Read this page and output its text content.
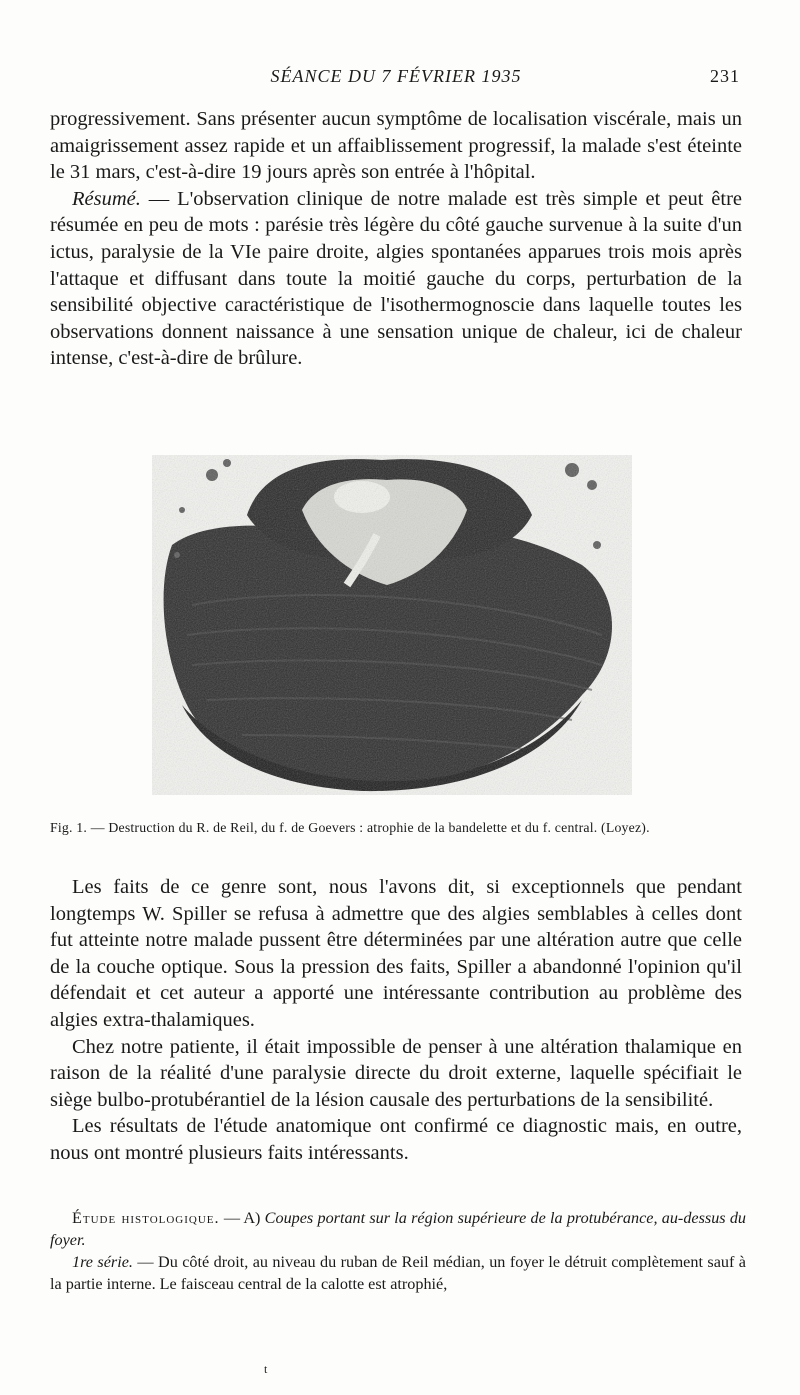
SÉANCE DU 7 FÉVRIER 1935	231

progressivement. Sans présenter aucun symptôme de localisation viscérale, mais un amaigrissement assez rapide et un affaiblissement progressif, la malade s'est éteinte le 31 mars, c'est-à-dire 19 jours après son entrée à l'hôpital.

Résumé. — L'observation clinique de notre malade est très simple et peut être résumée en peu de mots : parésie très légère du côté gauche survenue à la suite d'un ictus, paralysie de la VIe paire droite, algies spontanées apparues trois mois après l'attaque et diffusant dans toute la moitié gauche du corps, perturbation de la sensibilité objective caractéristique de l'isothermognoscie dans laquelle toutes les observations donnent naissance à une sensation unique de chaleur, ici de chaleur intense, c'est-à-dire de brûlure.

Fig. 1. — Destruction du R. de Reil, du f. de Goevers : atrophie de la bandelette et du f. central. (Loyez).

Les faits de ce genre sont, nous l'avons dit, si exceptionnels que pendant longtemps W. Spiller se refusa à admettre que des algies semblables à celles dont fut atteinte notre malade pussent être déterminées par une altération autre que celle de la couche optique. Sous la pression des faits, Spiller a abandonné l'opinion qu'il défendait et cet auteur a apporté une intéressante contribution au problème des algies extra-thalamiques.

Chez notre patiente, il était impossible de penser à une altération thalamique en raison de la réalité d'une paralysie directe du droit externe, laquelle spécifiait le siège bulbo-protubérantiel de la lésion causale des perturbations de la sensibilité.

Les résultats de l'étude anatomique ont confirmé ce diagnostic mais, en outre, nous ont montré plusieurs faits intéressants.

Étude histologique. — A) Coupes portant sur la région supérieure de la protubérance, au-dessus du foyer.

1re série. — Du côté droit, au niveau du ruban de Reil médian, un foyer le détruit complètement sauf à la partie interne. Le faisceau central de la calotte est atrophié,

t
